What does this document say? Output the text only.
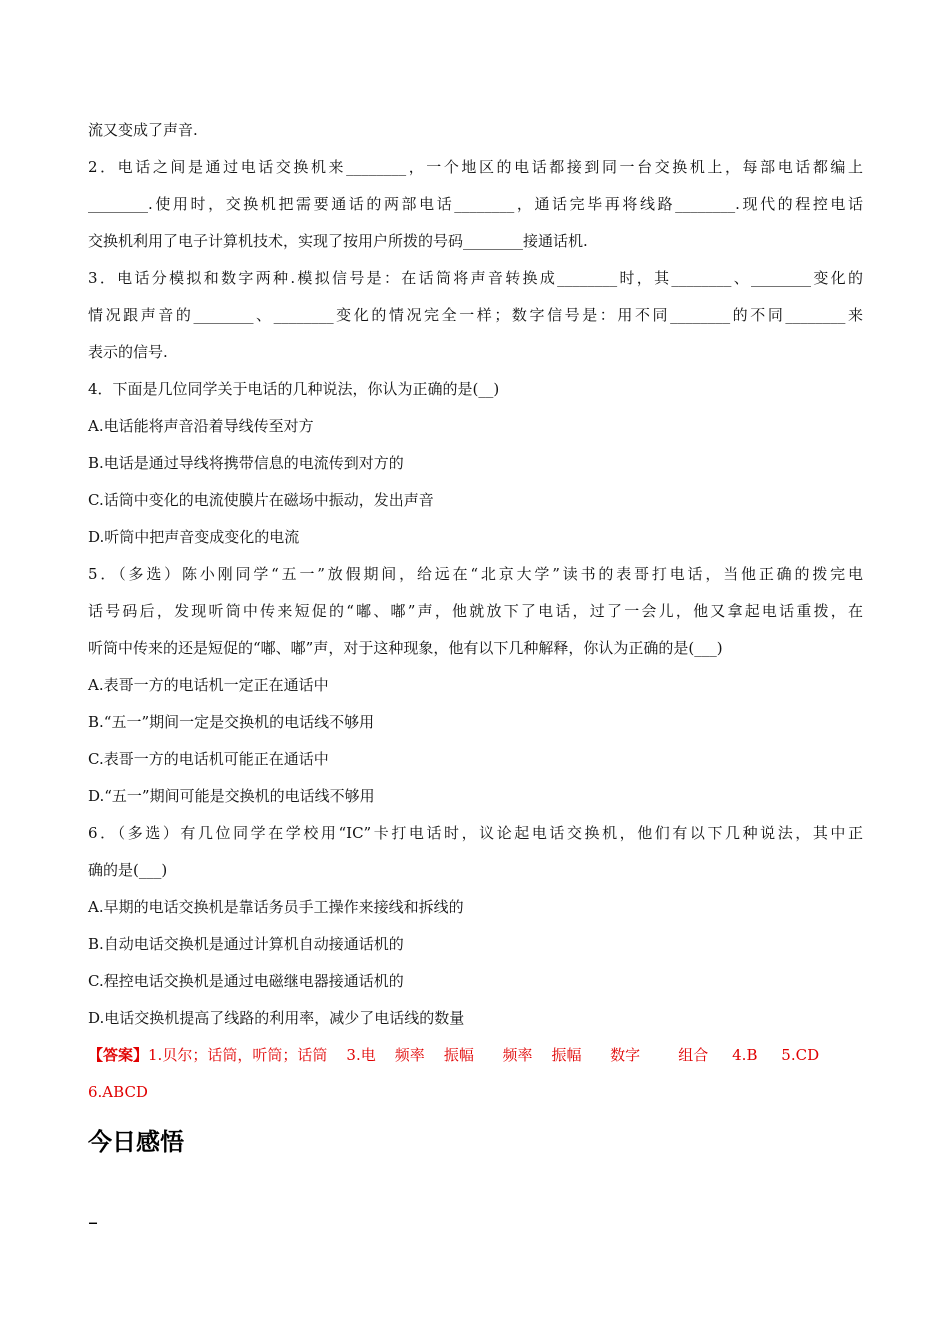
流又变成了声音.
2．电话之间是通过电话交换机来________，一个地区的电话都接到同一台交换机上，每部电话都编上
________.使用时，交换机把需要通话的两部电话________，通话完毕再将线路________.现代的程控电话
交换机利用了电子计算机技术，实现了按用户所拨的号码________接通话机.
3．电话分模拟和数字两种.模拟信号是：在话筒将声音转换成________时，其________、________变化的
情况跟声音的________、________变化的情况完全一样；数字信号是：用不同________的不同________来
表示的信号.
4．下面是几位同学关于电话的几种说法，你认为正确的是(__)
A.电话能将声音沿着导线传至对方
B.电话是通过导线将携带信息的电流传到对方的
C.话筒中变化的电流使膜片在磁场中振动，发出声音
D.听筒中把声音变成变化的电流
5．（多选）陈小刚同学“五一”放假期间，给远在“北京大学”读书的表哥打电话，当他正确的拨完电
话号码后，发现听筒中传来短促的“嘟、嘟”声，他就放下了电话，过了一会儿，他又拿起电话重拨，在
听筒中传来的还是短促的“嘟、嘟”声，对于这种现象，他有以下几种解释，你认为正确的是(___)
A.表哥一方的电话机一定正在通话中
B.“五一”期间一定是交换机的电话线不够用
C.表哥一方的电话机可能正在通话中
D.“五一”期间可能是交换机的电话线不够用
6．（多选）有几位同学在学校用“IC”卡打电话时，议论起电话交换机，他们有以下几种说法，其中正
确的是(___)
A.早期的电话交换机是靠话务员手工操作来接线和拆线的
B.自动电话交换机是通过计算机自动接通话机的
C.程控电话交换机是通过电磁继电器接通话机的
D.电话交换机提高了线路的利用率，减少了电话线的数量
【答案】1.贝尔；话筒，听筒；话筒    3.电    频率    振幅      频率    振幅      数字        组合     4.B     5.CD
6.ABCD
今日感悟
–
